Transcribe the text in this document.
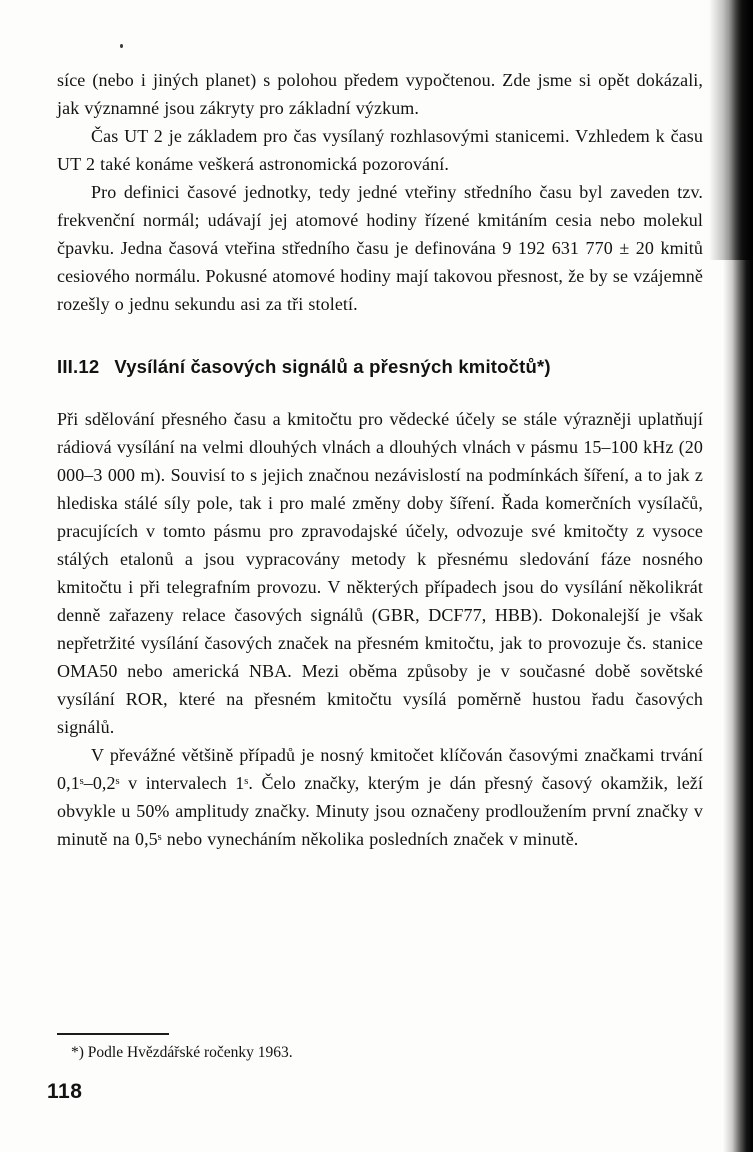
síce (nebo i jiných planet) s polohou předem vypočtenou. Zde jsme si opět dokázali, jak významné jsou zákryty pro základní výzkum.

Čas UT 2 je základem pro čas vysílaný rozhlasovými stanicemi. Vzhledem k času UT 2 také konáme veškerá astronomická pozorování.

Pro definici časové jednotky, tedy jedné vteřiny středního času byl zaveden tzv. frekvenční normál; udávají jej atomové hodiny řízené kmitáním cesia nebo molekul čpavku. Jedna časová vteřina středního času je definována 9 192 631 770 ± 20 kmitů cesiového normálu. Pokusné atomové hodiny mají takovou přesnost, že by se vzájemně rozešly o jednu sekundu asi za tři století.

III.12 Vysílání časových signálů a přesných kmitočtů*)

Při sdělování přesného času a kmitočtu pro vědecké účely se stále výrazněji uplatňují rádiová vysílání na velmi dlouhých vlnách a dlouhých vlnách v pásmu 15–100 kHz (20 000–3 000 m). Souvisí to s jejich značnou nezávislostí na podmínkách šíření, a to jak z hlediska stálé síly pole, tak i pro malé změny doby šíření. Řada komerčních vysílačů, pracujících v tomto pásmu pro zpravodajské účely, odvozuje své kmitočty z vysoce stálých etalonů a jsou vypracovány metody k přesnému sledování fáze nosného kmitočtu i při telegrafním provozu. V některých případech jsou do vysílání několikrát denně zařazeny relace časových signálů (GBR, DCF77, HBB). Dokonalejší je však nepřetržité vysílání časových značek na přesném kmitočtu, jak to provozuje čs. stanice OMA50 nebo americká NBA. Mezi oběma způsoby je v současné době sovětské vysílání ROR, které na přesném kmitočtu vysílá poměrně hustou řadu časových signálů.

V převážné většině případů je nosný kmitočet klíčován časovými značkami trvání 0,1ˢ–0,2ˢ v intervalech 1ˢ. Čelo značky, kterým je dán přesný časový okamžik, leží obvykle u 50% amplitudy značky. Minuty jsou označeny prodloužením první značky v minutě na 0,5ˢ nebo vynecháním několika posledních značek v minutě.

*) Podle Hvězdářské ročenky 1963.

118
